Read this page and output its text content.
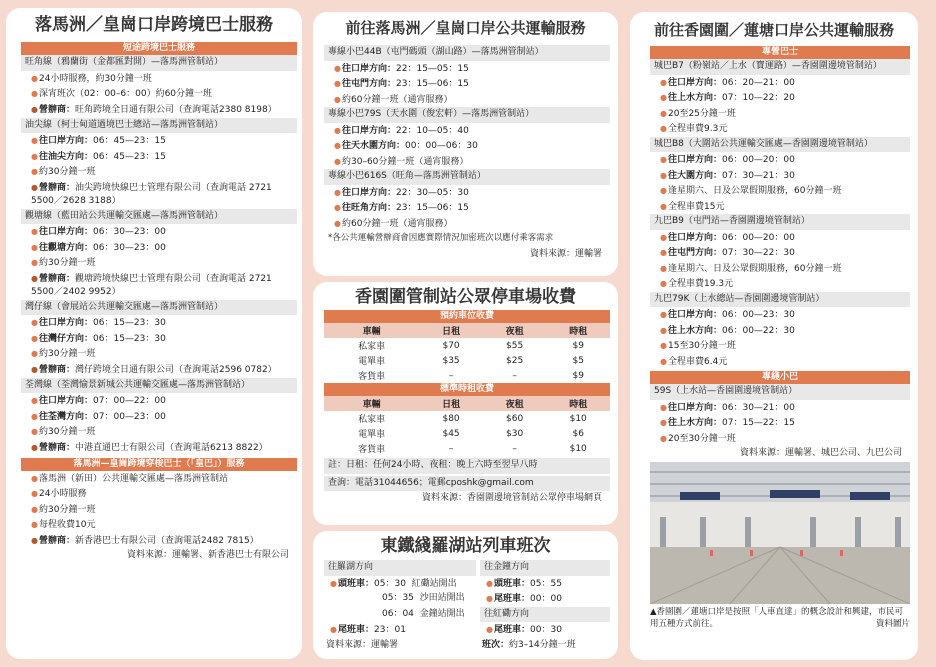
落馬洲／皇崗口岸跨境巴士服務
短途跨境巴士服務
旺角線（鴉蘭街（金都匯對開）—落馬洲管制站）
●24小時服務，約30分鐘一班
●深宵班次（02：00–6：00）約60分鐘一班
●營辦商：旺角跨境全日通有限公司（查詢電話2380 8198）
油尖線（柯士甸道過境巴士總站—落馬洲管制站）
●往口岸方向：06：45—23：15
●往油尖方向：06：45—23：15
●約30分鐘一班
●營辦商：油尖跨境快線巴士管理有限公司（查詢電話 2721 5500／2628 3188）
觀塘線（藍田站公共運輸交匯處—落馬洲管制站）
●往口岸方向：06：30—23：00
●往觀塘方向：06：30—23：00
●約30分鐘一班
●營辦商：觀塘跨境快線巴士管理有限公司（查詢電話 2721 5500／2402 9952）
灣仔線（會展站公共運輸交匯處—落馬洲管制站）
●往口岸方向：06：15—23：30
●往灣仔方向：06：15—23：30
●約30分鐘一班
●營辦商：灣仔跨境全日通有限公司（查詢電話2596 0782）
荃灣線（荃灣愉景新城公共運輸交匯處—落馬洲管制站）
●往口岸方向：07：00—22：00
●往荃灣方向：07：00—23：00
●約30分鐘一班
●營辦商：中港直通巴士有限公司（查詢電話6213 8822）
落馬洲—皇崗跨境穿梭巴士（「皇巴」）服務
●落馬洲（新田）公共運輸交匯處—落馬洲管制站
●24小時服務
●約30分鐘一班
●每程收費10元
●營辦商：新香港巴士有限公司（查詢電話2482 7815）
資料來源：運輸署、新香港巴士有限公司
前往落馬洲／皇崗口岸公共運輸服務
專線小巴44B（屯門碼頭（湖山路）—落馬洲管制站）
●往口岸方向：22：15—05：15
●往屯門方向：23：15—06：15
●約60分鐘一班（通宵服務）
專線小巴79S（天水圍（俊宏軒）—落馬洲管制站）
●往口岸方向：22：10—05：40
●往天水圍方向：00：00—06：30
●約30–60分鐘一班（通宵服務）
專線小巴616S（旺角—落馬洲管制站）
●往口岸方向：22：30—05：30
●往旺角方向：23：15—06：15
●約60分鐘一班（通宵服務）
*各公共運輸營辦商會因應實際情況加密班次以應付乘客需求
資料來源：運輸署
香園圍管制站公眾停車場收費
預約車位收費
車輛	日租	夜租	時租
私家車	$70	$55	$9
電單車	$35	$25	$5
客貨車	–	–	$9
標準時租收費
車輛	日租	夜租	時租
私家車	$80	$60	$10
電單車	$45	$30	$6
客貨車	–	–	$10
註：日租：任何24小時、夜租：晚上六時至翌早八時
查詢：電話31044656；電郵cposhk@gmail.com
資料來源：香園圍邊境管制站公眾停車場網頁
東鐵綫羅湖站列車班次
往羅湖方向
●頭班車：05：30 紅磡站開出
05：35 沙田站開出
06：04 金鐘站開出
●尾班車：23：01
資料來源：運輸署
往金鐘方向
●頭班車：05：55
●尾班車：00：00
往紅磡方向
●尾班車：00：30
班次：約3–14分鐘一班
前往香園圍／蓮塘口岸公共運輸服務
專營巴士
城巴B7（粉嶺站／上水（寶運路）—香園圍邊境管制站）
●往口岸方向：06：20—21：00
●往上水方向：07：10—22：20
●20至25分鐘一班
●全程車費9.3元
城巴B8（大圍站公共運輸交匯處—香園圍邊境管制站）
●往口岸方向：06：00—20：00
●往大圍方向：07：30—21：30
●逢星期六、日及公眾假期服務，60分鐘一班
●全程車費15元
九巴B9（屯門站—香園圍邊境管制站）
●往口岸方向：06：00—20：00
●往屯門方向：07：30—22：30
●逢星期六、日及公眾假期服務，60分鐘一班
●全程車費19.3元
九巴79K（上水總站—香園圍邊境管制站）
●往口岸方向：06：00—23：30
●往上水方向：06：00—22：30
●15至30分鐘一班
●全程車費6.4元
專綫小巴
59S（上水站—香園圍邊境管制站）
●往口岸方向：06：30—21：00
●往上水方向：07：15—22：15
●20至30分鐘一班
資料來源：運輸署、城巴公司、九巴公司
▲香園圍／蓮塘口岸是按照「人車直達」的概念設計和興建，市民可用五種方式前往。	資料圖片
